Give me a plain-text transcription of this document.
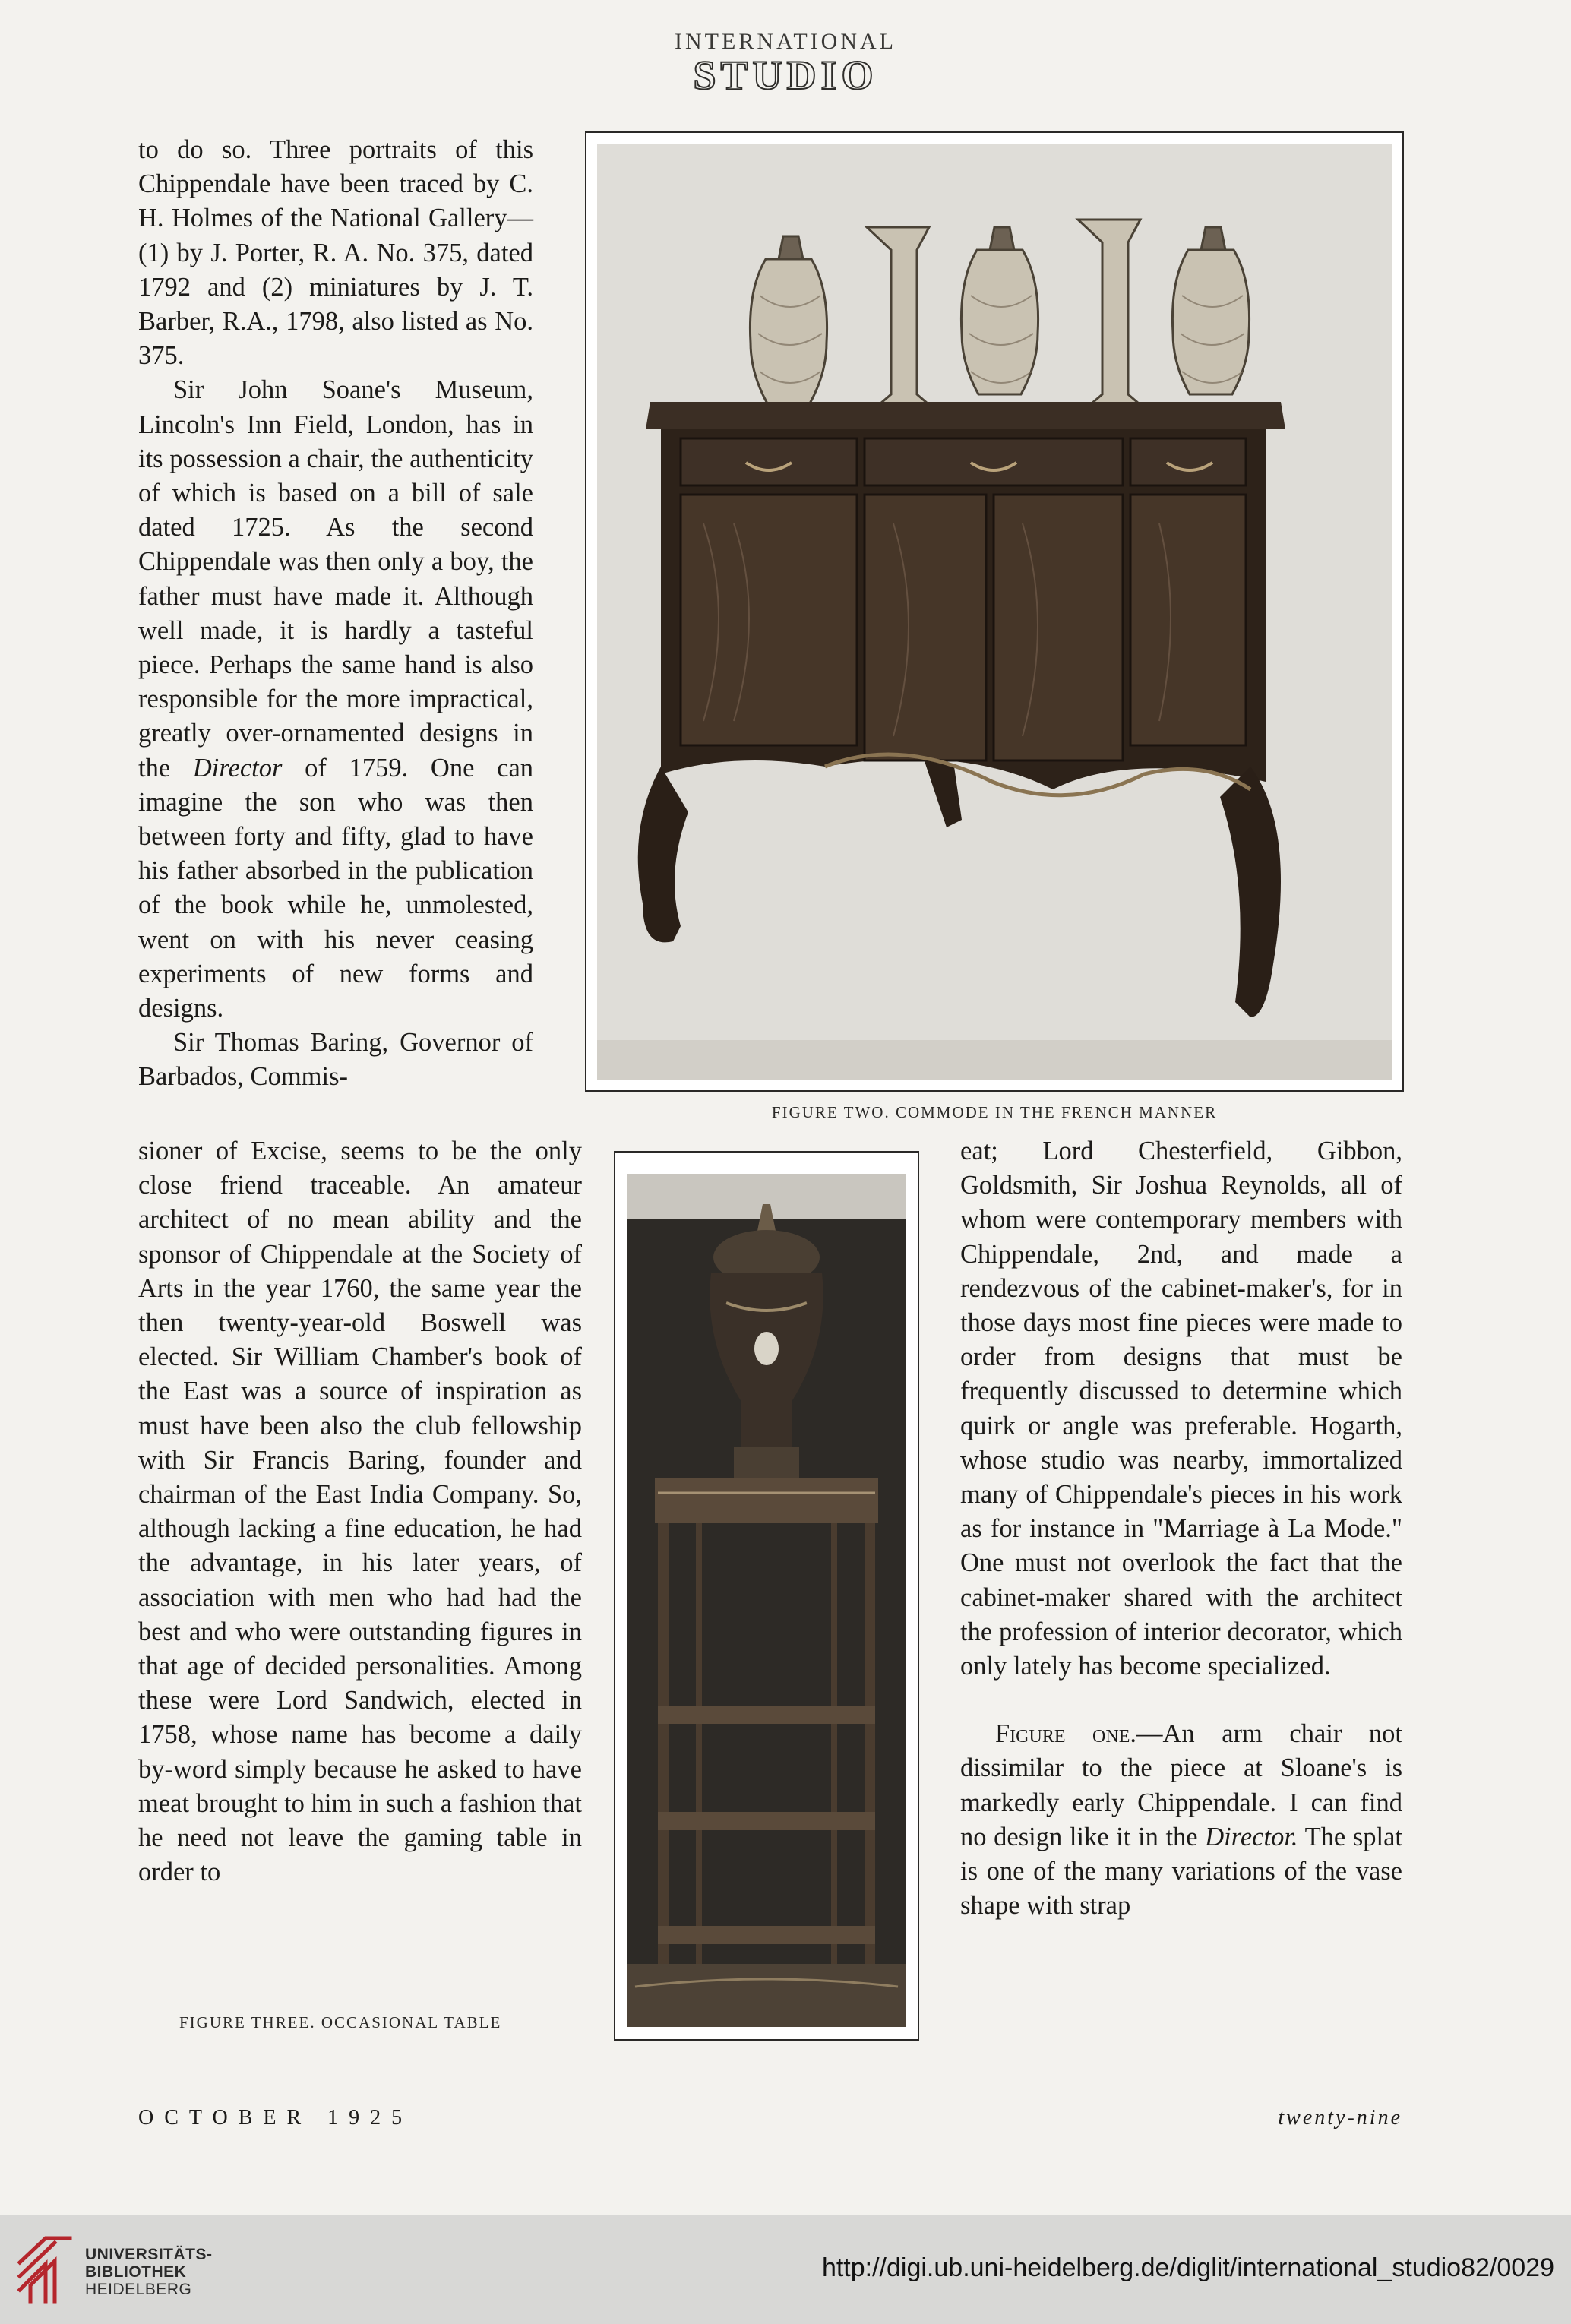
INTERNATIONAL
STUDIO

to do so. Three portraits of this Chippendale have been traced by C. H. Holmes of the National Gallery—(1) by J. Porter, R. A. No. 375, dated 1792 and (2) miniatures by J. T. Barber, R.A., 1798, also listed as No. 375.

Sir John Soane's Museum, Lincoln's Inn Field, London, has in its possession a chair, the authenticity of which is based on a bill of sale dated 1725. As the second Chippendale was then only a boy, the father must have made it. Although well made, it is hardly a tasteful piece. Perhaps the same hand is also responsible for the more impractical, greatly over-ornamented designs in the Director of 1759. One can imagine the son who was then between forty and fifty, glad to have his father absorbed in the publication of the book while he, unmolested, went on with his never ceasing experiments of new forms and designs.

Sir Thomas Baring, Governor of Barbados, Commis-

FIGURE TWO. COMMODE IN THE FRENCH MANNER

sioner of Excise, seems to be the only close friend traceable. An amateur architect of no mean ability and the sponsor of Chippendale at the Society of Arts in the year 1760, the same year the then twenty-year-old Boswell was elected. Sir William Chamber's book of the East was a source of inspiration as must have been also the club fellowship with Sir Francis Baring, founder and chairman of the East India Company. So, although lacking a fine education, he had the advantage, in his later years, of association with men who had had the best and who were outstanding figures in that age of decided personalities. Among these were Lord Sandwich, elected in 1758, whose name has become a daily by-word simply because he asked to have meat brought to him in such a fashion that he need not leave the gaming table in order to

FIGURE THREE. OCCASIONAL TABLE

eat; Lord Chesterfield, Gibbon, Goldsmith, Sir Joshua Reynolds, all of whom were contemporary members with Chippendale, 2nd, and made a rendezvous of the cabinet-maker's, for in those days most fine pieces were made to order from designs that must be frequently discussed to determine which quirk or angle was preferable. Hogarth, whose studio was nearby, immortalized many of Chippendale's pieces in his work as for instance in "Marriage à La Mode." One must not overlook the fact that the cabinet-maker shared with the architect the profession of interior decorator, which only lately has become specialized.

Figure one.—An arm chair not dissimilar to the piece at Sloane's is markedly early Chippendale. I can find no design like it in the Director. The splat is one of the many variations of the vase shape with strap

OCTOBER 1925	twenty-nine
UNIVERSITÄTS-
BIBLIOTHEK
HEIDELBERG
http://digi.ub.uni-heidelberg.de/diglit/international_studio82/0029
